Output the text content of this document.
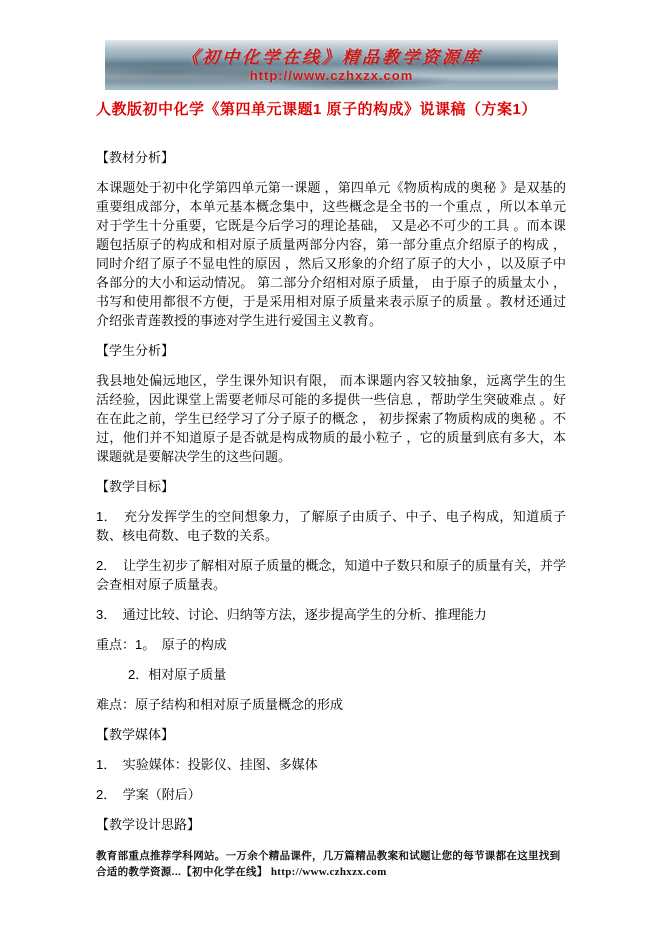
《初中化学在线》精品教学资源库
http://www.czhxzx.com
人教版初中化学《第四单元课题1 原子的构成》说课稿（方案1）

【教材分析】

本课题处于初中化学第四单元第一课题 ，第四单元《物质构成的奥秘 》是双基的重要组成部分，本单元基本概念集中，这些概念是全书的一个重点 ，所以本单元对于学生十分重要，它既是今后学习的理论基础， 又是必不可少的工具 。而本课题包括原子的构成和相对原子质量两部分内容，第一部分重点介绍原子的构成 ，同时介绍了原子不显电性的原因 ，然后又形象的介绍了原子的大小 ，以及原子中各部分的大小和运动情况。 第二部分介绍相对原子质量， 由于原子的质量太小 ，书写和使用都很不方便，于是采用相对原子质量来表示原子的质量 。教材还通过介绍张青莲教授的事迹对学生进行爱国主义教育。

【学生分析】

我县地处偏远地区，学生课外知识有限， 而本课题内容又较抽象，远离学生的生活经验，因此课堂上需要老师尽可能的多提供一些信息 ，帮助学生突破难点 。好在在此之前，学生已经学习了分子原子的概念 ， 初步探索了物质构成的奥秘 。不过，他们并不知道原子是否就是构成物质的最小粒子 ，它的质量到底有多大，本课题就是要解决学生的这些问题。

【教学目标】

1．　充分发挥学生的空间想象力，了解原子由质子、中子、电子构成，知道质子数、核电荷数、电子数的关系。

2．　让学生初步了解相对原子质量的概念，知道中子数只和原子的质量有关，并学会查相对原子质量表。

3．　通过比较、讨论、归纳等方法，逐步提高学生的分析、推理能力

重点：1。　原子的构成

2．相对原子质量

难点：原子结构和相对原子质量概念的形成

【教学媒体】

1．　实验媒体：投影仪、挂图、多媒体

2．　学案（附后）

【教学设计思路】

教育部重点推荐学科网站。一万余个精品课件，几万篇精品教案和试题让您的每节课都在这里找到合适的教学资源...【初中化学在线】 http://www.czhxzx.com
